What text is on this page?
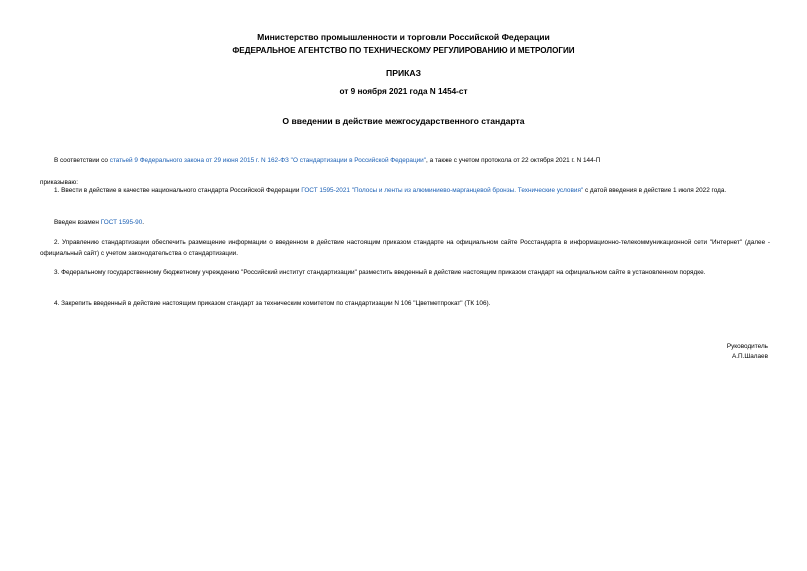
Министерство промышленности и торговли Российской Федерации
ФЕДЕРАЛЬНОЕ АГЕНТСТВО ПО ТЕХНИЧЕСКОМУ РЕГУЛИРОВАНИЮ И МЕТРОЛОГИИ
ПРИКАЗ
от 9 ноября 2021 года N 1454-ст
О введении в действие межгосударственного стандарта
В соответствии со статьей 9 Федерального закона от 29 июня 2015 г. N 162-ФЗ "О стандартизации в Российской Федерации", а также с учетом протокола от 22 октября 2021 г. N 144-П
приказываю:
1. Ввести в действие в качестве национального стандарта Российской Федерации ГОСТ 1595-2021 "Полосы и ленты из алюминиево-марганцевой бронзы. Технические условия" с датой введения в действие 1 июля 2022 года.
Введен взамен ГОСТ 1595-90.
2. Управлению стандартизации обеспечить размещение информации о введенном в действие настоящим приказом стандарте на официальном сайте Росстандарта в информационно-телекоммуникационной сети "Интернет" (далее - официальный сайт) с учетом законодательства о стандартизации.
3. Федеральному государственному бюджетному учреждению "Российский институт стандартизации" разместить введенный в действие настоящим приказом стандарт на официальном сайте в установленном порядке.
4. Закрепить введенный в действие настоящим приказом стандарт за техническим комитетом по стандартизации N 106 "Цветметпрокат" (ТК 106).
Руководитель
А.П.Шалаев
